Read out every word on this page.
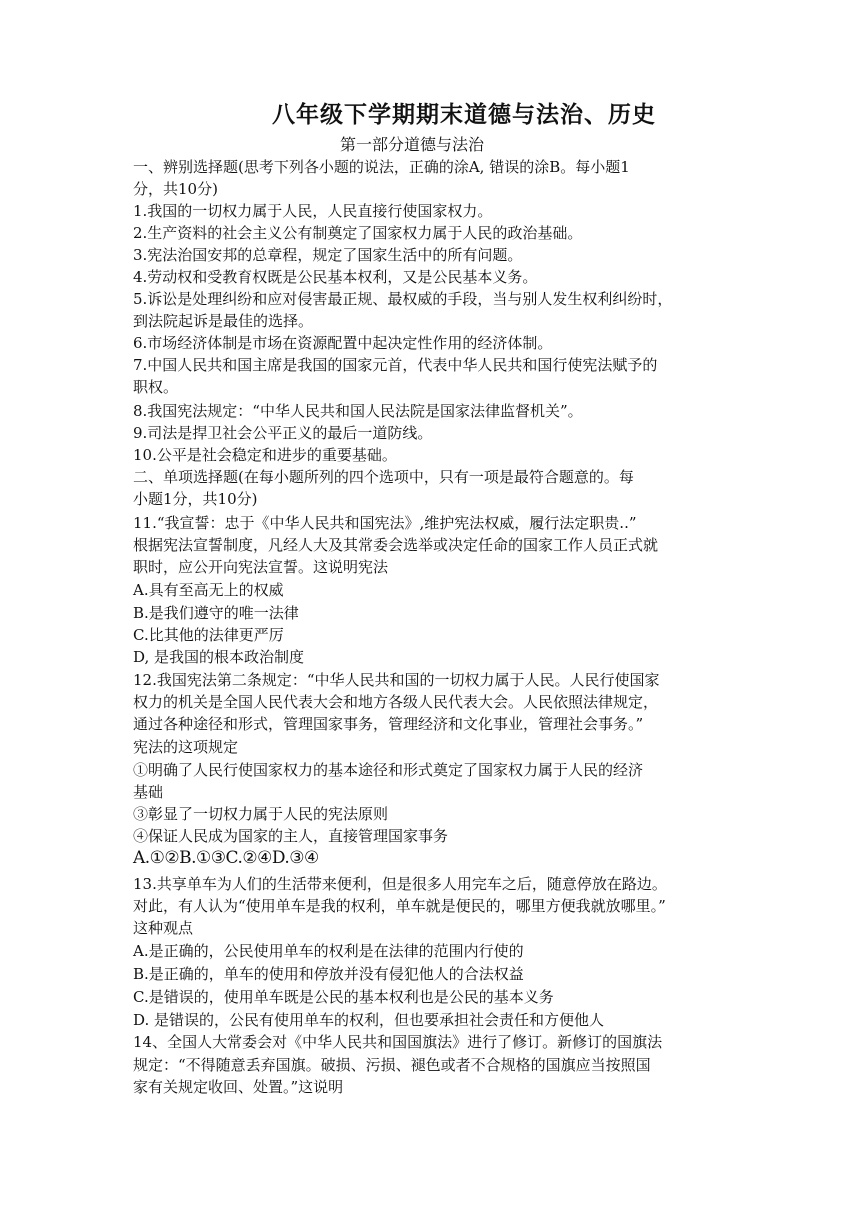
八年级下学期期末道德与法治、历史
第一部分道德与法治
一、辨别选择题(思考下列各小题的说法，正确的涂A, 错误的涂B。每小题1
分，共10分)
1.我国的一切权力属于人民，人民直接行使国家权力。
2.生产资料的社会主义公有制奠定了国家权力属于人民的政治基础。
3.宪法治国安邦的总章程，规定了国家生活中的所有问题。
4.劳动权和受教育权既是公民基本权利，又是公民基本义务。
5.诉讼是处理纠纷和应对侵害最正规、最权威的手段，当与别人发生权利纠纷时，
到法院起诉是最佳的选择。
6.市场经济体制是市场在资源配置中起决定性作用的经济体制。
7.中国人民共和国主席是我国的国家元首，代表中华人民共和国行使宪法赋予的
职权。
8.我国宪法规定：“中华人民共和国人民法院是国家法律监督机关”。
9.司法是捍卫社会公平正义的最后一道防线。
10.公平是社会稳定和进步的重要基础。
二、单项选择题(在每小题所列的四个选项中，只有一项是最符合题意的。每
小题1分，共10分)
11.“我宣誓：忠于《中华人民共和国宪法》,维护宪法权威，履行法定职贵..”
根据宪法宣誓制度，凡经人大及其常委会选举或决定任命的国家工作人员正式就
职时，应公开向宪法宣誓。这说明宪法
A.具有至高无上的权威
B.是我们遵守的唯一法律
C.比其他的法律更严厉
D, 是我国的根本政治制度
12.我国宪法第二条规定：“中华人民共和国的一切权力属于人民。人民行使国家
权力的机关是全国人民代表大会和地方各级人民代表大会。人民依照法律规定，
通过各种途径和形式，管理国家事务，管理经济和文化事业，管理社会事务。”
宪法的这项规定
①明确了人民行使国家权力的基本途径和形式奠定了国家权力属于人民的经济
基础
③彰显了一切权力属于人民的宪法原则
④保证人民成为国家的主人，直接管理国家事务
A.①②B.①③C.②④D.③④
13.共享单车为人们的生活带来便利，但是很多人用完车之后，随意停放在路边。
对此，有人认为“使用单车是我的权利，单车就是便民的，哪里方便我就放哪里。”
这种观点
A.是正确的，公民使用单车的权利是在法律的范围内行使的
B.是正确的，单车的使用和停放并没有侵犯他人的合法权益
C.是错误的，使用单车既是公民的基本权利也是公民的基本义务
D. 是错误的，公民有使用单车的权利，但也要承担社会责任和方便他人
14、全国人大常委会对《中华人民共和国国旗法》进行了修订。新修订的国旗法
规定：“不得随意丢弃国旗。破损、污损、褪色或者不合规格的国旗应当按照国
家有关规定收回、处置。”这说明
